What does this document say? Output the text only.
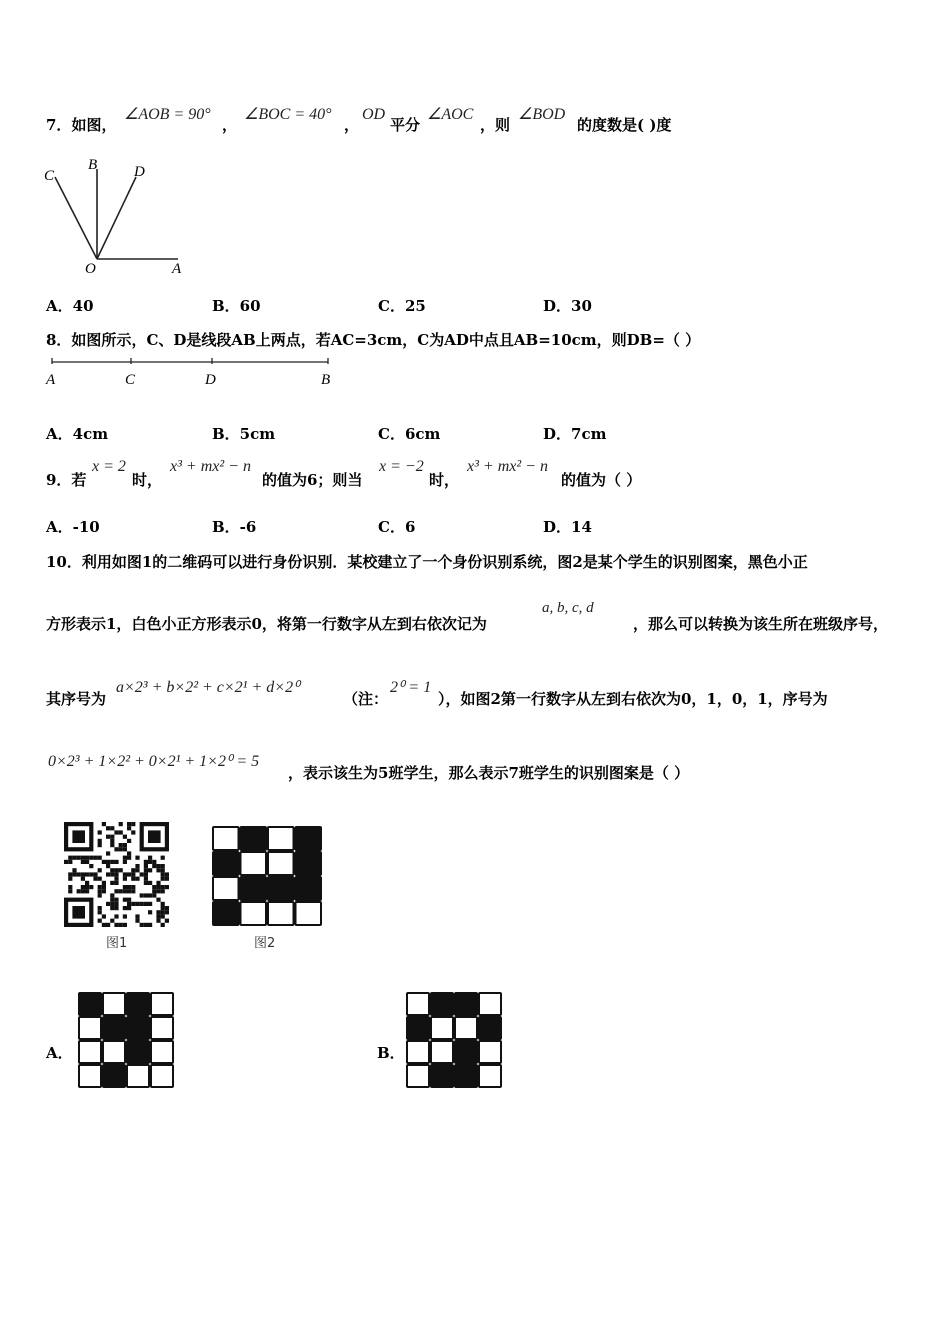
7．如图，
∠AOB = 90°
，
∠BOC = 40°
，
OD
平分
∠AOC
，则
∠BOD
的度数是( )度
C
B D
O	A
A．40	B．60	C．25	D．30
8．如图所示，C、D是线段AB上两点，若AC=3cm，C为AD中点且AB=10cm，则DB=（ ）
A	C	D	B
A．4cm	B．5cm	C．6cm	D．7cm
9．若
x = 2
时，
x³ + mx² − n
的值为6；则当
x = −2
时，
x³ + mx² − n
的值为（ ）
A．-10	B．-6	C．6	D．14
10．利用如图1的二维码可以进行身份识别．某校建立了一个身份识别系统，图2是某个学生的识别图案，黑色小正
方形表示1，白色小正方形表示0，将第一行数字从左到右依次记为
a, b, c, d
，那么可以转换为该生所在班级序号，
其序号为
a×2³ + b×2² + c×2¹ + d×2⁰
（注：
2⁰ = 1
），如图2第一行数字从左到右依次为0，1，0，1，序号为
0×2³ + 1×2² + 0×2¹ + 1×2⁰ = 5
，表示该生为5班学生，那么表示7班学生的识别图案是（ ）
图1	图2
A．	B．
